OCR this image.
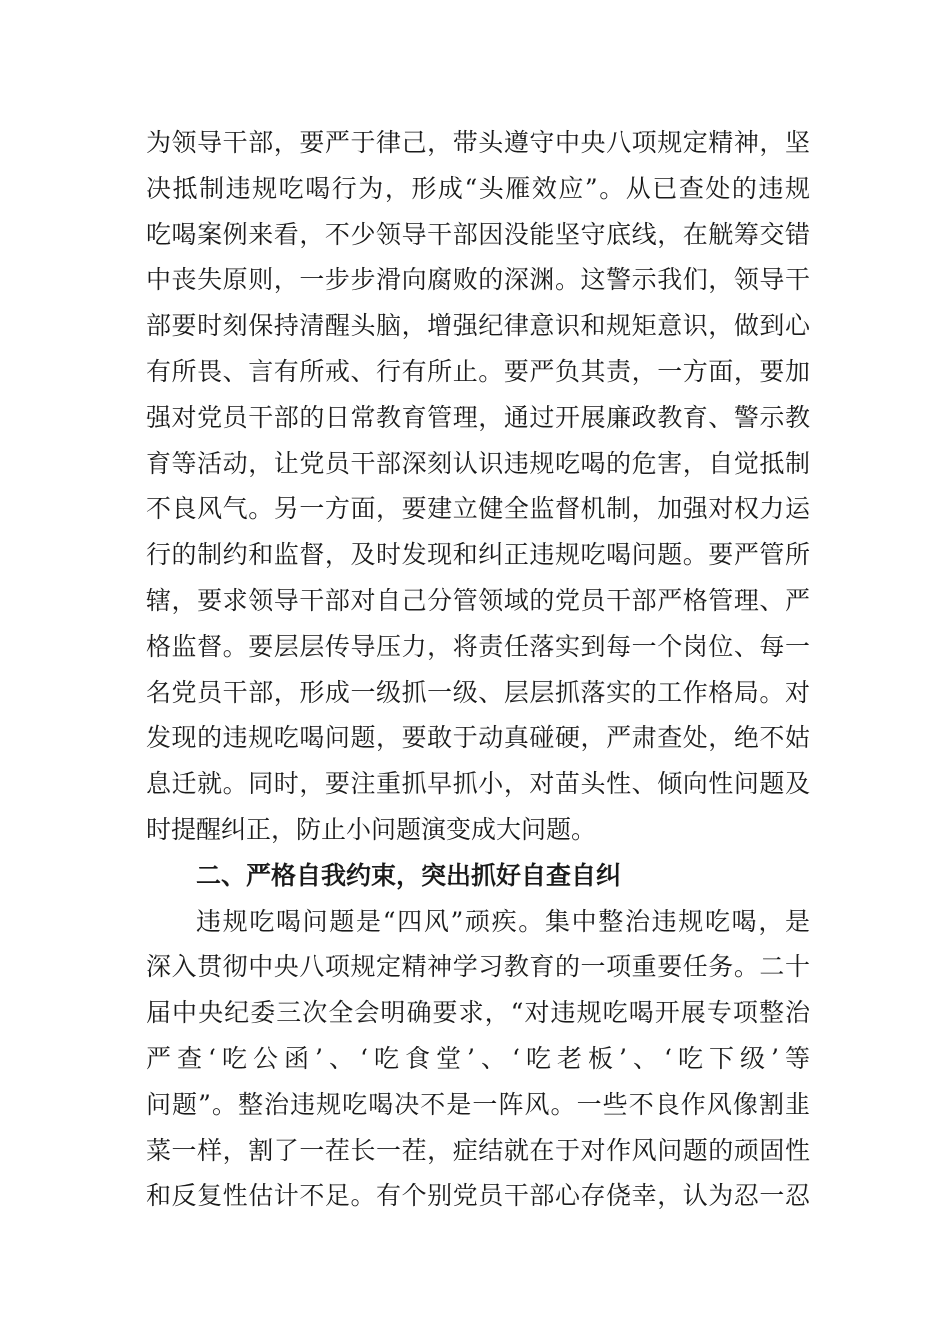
为领导干部，要严于律己，带头遵守中央八项规定精神，坚
决抵制违规吃喝行为，形成“头雁效应”。从已查处的违规
吃喝案例来看，不少领导干部因没能坚守底线，在觥筹交错
中丧失原则，一步步滑向腐败的深渊。这警示我们，领导干
部要时刻保持清醒头脑，增强纪律意识和规矩意识，做到心
有所畏、言有所戒、行有所止。要严负其责，一方面，要加
强对党员干部的日常教育管理，通过开展廉政教育、警示教
育等活动，让党员干部深刻认识违规吃喝的危害，自觉抵制
不良风气。另一方面，要建立健全监督机制，加强对权力运
行的制约和监督，及时发现和纠正违规吃喝问题。要严管所
辖，要求领导干部对自己分管领域的党员干部严格管理、严
格监督。要层层传导压力，将责任落实到每一个岗位、每一
名党员干部，形成一级抓一级、层层抓落实的工作格局。对
发现的违规吃喝问题，要敢于动真碰硬，严肃查处，绝不姑
息迁就。同时，要注重抓早抓小，对苗头性、倾向性问题及
时提醒纠正，防止小问题演变成大问题。
二、严格自我约束，突出抓好自查自纠
违规吃喝问题是“四风”顽疾。集中整治违规吃喝，是
深入贯彻中央八项规定精神学习教育的一项重要任务。二十
届中央纪委三次全会明确要求，“对违规吃喝开展专项整治
严查‘吃公函’、‘吃食堂’、‘吃老板’、‘吃下级’等
问题”。整治违规吃喝决不是一阵风。一些不良作风像割韭
菜一样，割了一茬长一茬，症结就在于对作风问题的顽固性
和反复性估计不足。有个别党员干部心存侥幸，认为忍一忍
